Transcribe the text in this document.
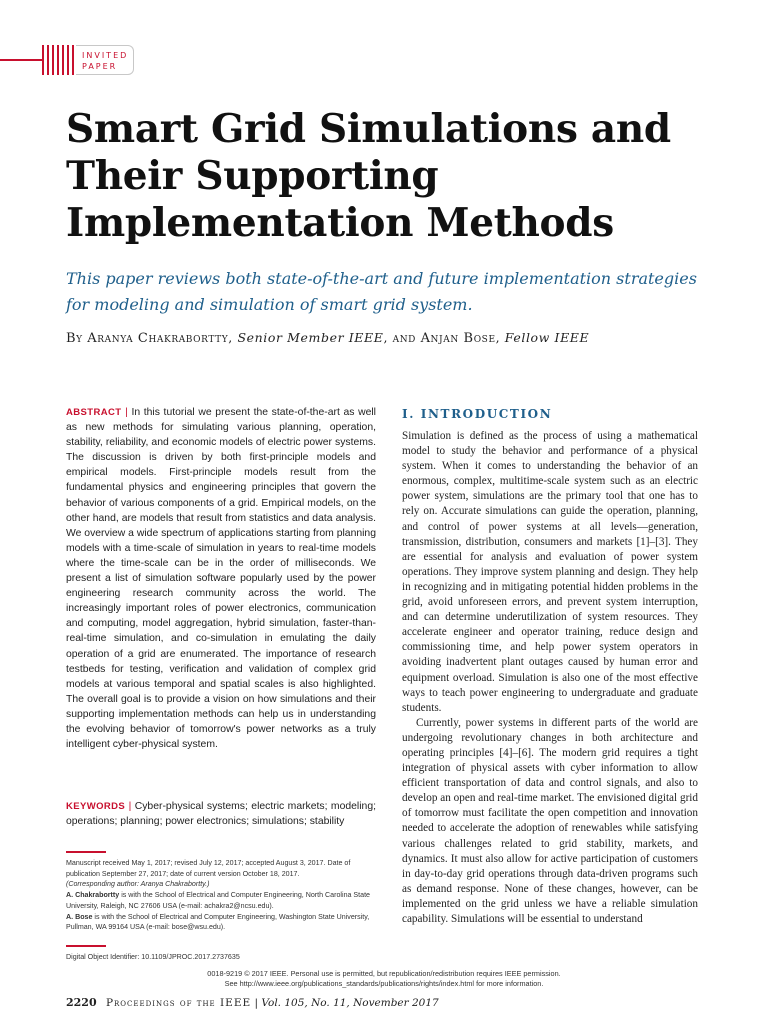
INVITED
PAPER
Smart Grid Simulations and Their Supporting Implementation Methods
This paper reviews both state-of-the-art and future implementation strategies for modeling and simulation of smart grid system.
By Aranya Chakrabortty, Senior Member IEEE, and Anjan Bose, Fellow IEEE
ABSTRACT | In this tutorial we present the state-of-the-art as well as new methods for simulating various planning, operation, stability, reliability, and economic models of electric power systems. The discussion is driven by both first-principle models and empirical models. First-principle models result from the fundamental physics and engineering principles that govern the behavior of various components of a grid. Empirical models, on the other hand, are models that result from statistics and data analysis. We overview a wide spectrum of applications starting from planning models with a time-scale of simulation in years to real-time models where the time-scale can be in the order of milliseconds. We present a list of simulation software popularly used by the power engineering research community across the world. The increasingly important roles of power electronics, communication and computing, model aggregation, hybrid simulation, faster-than-real-time simulation, and co-simulation in emulating the daily operation of a grid are enumerated. The importance of research testbeds for testing, verification and validation of complex grid models at various temporal and spatial scales is also highlighted. The overall goal is to provide a vision on how simulations and their supporting implementation methods can help us in understanding the evolving behavior of tomorrow's power networks as a truly intelligent cyber-physical system.
KEYWORDS | Cyber-physical systems; electric markets; modeling; operations; planning; power electronics; simulations; stability

Manuscript received May 1, 2017; revised July 12, 2017; accepted August 3, 2017. Date of publication September 27, 2017; date of current version October 18, 2017.

(Corresponding author: Aranya Chakrabortty.)

A. Chakrabortty is with the School of Electrical and Computer Engineering, North Carolina State University, Raleigh, NC 27606 USA (e-mail: achakra2@ncsu.edu).

A. Bose is with the School of Electrical and Computer Engineering, Washington State University, Pullman, WA 99164 USA (e-mail: bose@wsu.edu).

Digital Object Identifier: 10.1109/JPROC.2017.2737635
I. INTRODUCTION

Simulation is defined as the process of using a mathematical model to study the behavior and performance of a physical system. When it comes to understanding the behavior of an enormous, complex, multitime-scale system such as an electric power system, simulations are the primary tool that one has to rely on. Accurate simulations can guide the operation, planning, and control of power systems at all levels—generation, transmission, distribution, consumers and markets [1]–[3]. They are essential for analysis and evaluation of power system operations. They improve system planning and design. They help in recognizing and in mitigating potential hidden problems in the grid, avoid unforeseen errors, and prevent system interruption, and can determine underutilization of system resources. They accelerate engineer and operator training, reduce design and commissioning time, and help power system operators in avoiding inadvertent plant outages caused by human error and equipment overload. Simulation is also one of the most effective ways to teach power engineering to undergraduate and graduate students.

Currently, power systems in different parts of the world are undergoing revolutionary changes in both architecture and operating principles [4]–[6]. The modern grid requires a tight integration of physical assets with cyber information to allow efficient transportation of data and control signals, and also to develop an open and real-time market. The envisioned digital grid of tomorrow must facilitate the open competition and innovation needed to accelerate the adoption of renewables while satisfying various challenges related to grid stability, markets, and dynamics. It must also allow for active participation of customers in day-to-day grid operations through data-driven programs such as demand response. None of these changes, however, can be implemented on the grid unless we have a reliable simulation capability. Simulations will be essential to understand

0018-9219 © 2017 IEEE. Personal use is permitted, but republication/redistribution requires IEEE permission.
See http://www.ieee.org/publications_standards/publications/rights/index.html for more information.
2220 Proceedings of the IEEE | Vol. 105, No. 11, November 2017
